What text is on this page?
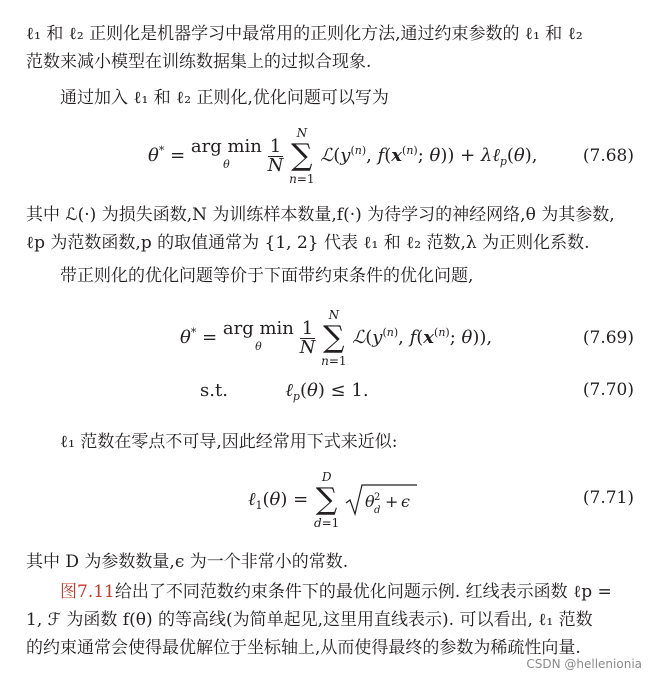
ℓ₁ 和 ℓ₂ 正则化是机器学习中最常用的正则化方法,通过约束参数的 ℓ₁ 和 ℓ₂
范数来减小模型在训练数据集上的过拟合现象.
通过加入 ℓ₁ 和 ℓ₂ 正则化,优化问题可以写为
θ* = arg min
θ
	$\frac{1}{N}$

N
∑
n=1
$ℒ(y^{(n)}$, $f(x^{(n)}$; θ)) + λℓ$_p$(θ),	(7.68)
其中 ℒ(·) 为损失函数,N 为训练样本数量,f(·) 为待学习的神经网络,θ 为其参数,
ℓp 为范数函数,p 的取值通常为 {1, 2} 代表 ℓ₁ 和 ℓ₂ 范数,λ 为正则化系数.
带正则化的优化问题等价于下面带约束条件的优化问题,
θ* = arg min
θ
	$\frac{1}{N}$

N
∑
n=1
$ℒ(y^{(n)}$, $f(x^{(n)}$; θ)),	(7.69)
s.t.	ℓ$_p$(θ) ≤ 1.	(7.70)
ℓ₁ 范数在零点不可导,因此经常用下式来近似:
ℓ$_1$(θ) =
D
∑
d=1

θ 2
d + ϵ	(7.71)
其中 D 为参数数量,ϵ 为一个非常小的常数.
图7.11给出了不同范数约束条件下的最优化问题示例. 红线表示函数 ℓp =
1, ℱ 为函数 f(θ) 的等高线(为简单起见,这里用直线表示). 可以看出, ℓ₁ 范数
的约束通常会使得最优解位于坐标轴上,从而使得最终的参数为稀疏性向量.
CSDN @hellenionia
